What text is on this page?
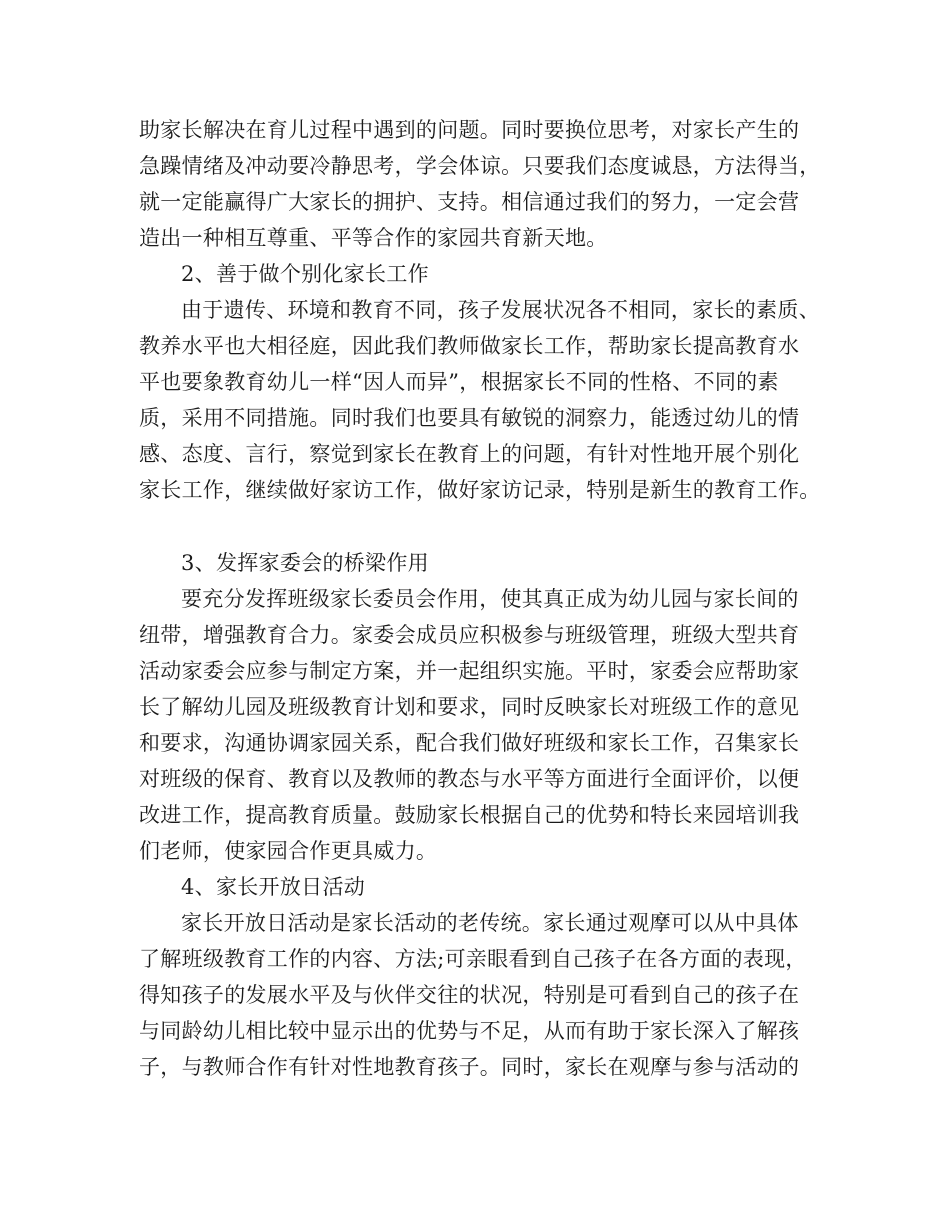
助家长解决在育儿过程中遇到的问题。同时要换位思考，对家长产生的
急躁情绪及冲动要冷静思考，学会体谅。只要我们态度诚恳，方法得当，
就一定能赢得广大家长的拥护、支持。相信通过我们的努力，一定会营
造出一种相互尊重、平等合作的家园共育新天地。
2、善于做个别化家长工作
由于遗传、环境和教育不同，孩子发展状况各不相同，家长的素质、
教养水平也大相径庭，因此我们教师做家长工作，帮助家长提高教育水
平也要象教育幼儿一样“因人而异”，根据家长不同的性格、不同的素
质，采用不同措施。同时我们也要具有敏锐的洞察力，能透过幼儿的情
感、态度、言行，察觉到家长在教育上的问题，有针对性地开展个别化
家长工作，继续做好家访工作，做好家访记录，特别是新生的教育工作。
3、发挥家委会的桥梁作用
要充分发挥班级家长委员会作用，使其真正成为幼儿园与家长间的
纽带，增强教育合力。家委会成员应积极参与班级管理，班级大型共育
活动家委会应参与制定方案，并一起组织实施。平时，家委会应帮助家
长了解幼儿园及班级教育计划和要求，同时反映家长对班级工作的意见
和要求，沟通协调家园关系，配合我们做好班级和家长工作，召集家长
对班级的保育、教育以及教师的教态与水平等方面进行全面评价，以便
改进工作，提高教育质量。鼓励家长根据自己的优势和特长来园培训我
们老师，使家园合作更具威力。
4、家长开放日活动
家长开放日活动是家长活动的老传统。家长通过观摩可以从中具体
了解班级教育工作的内容、方法;可亲眼看到自己孩子在各方面的表现，
得知孩子的发展水平及与伙伴交往的状况，特别是可看到自己的孩子在
与同龄幼儿相比较中显示出的优势与不足，从而有助于家长深入了解孩
子，与教师合作有针对性地教育孩子。同时，家长在观摩与参与活动的
